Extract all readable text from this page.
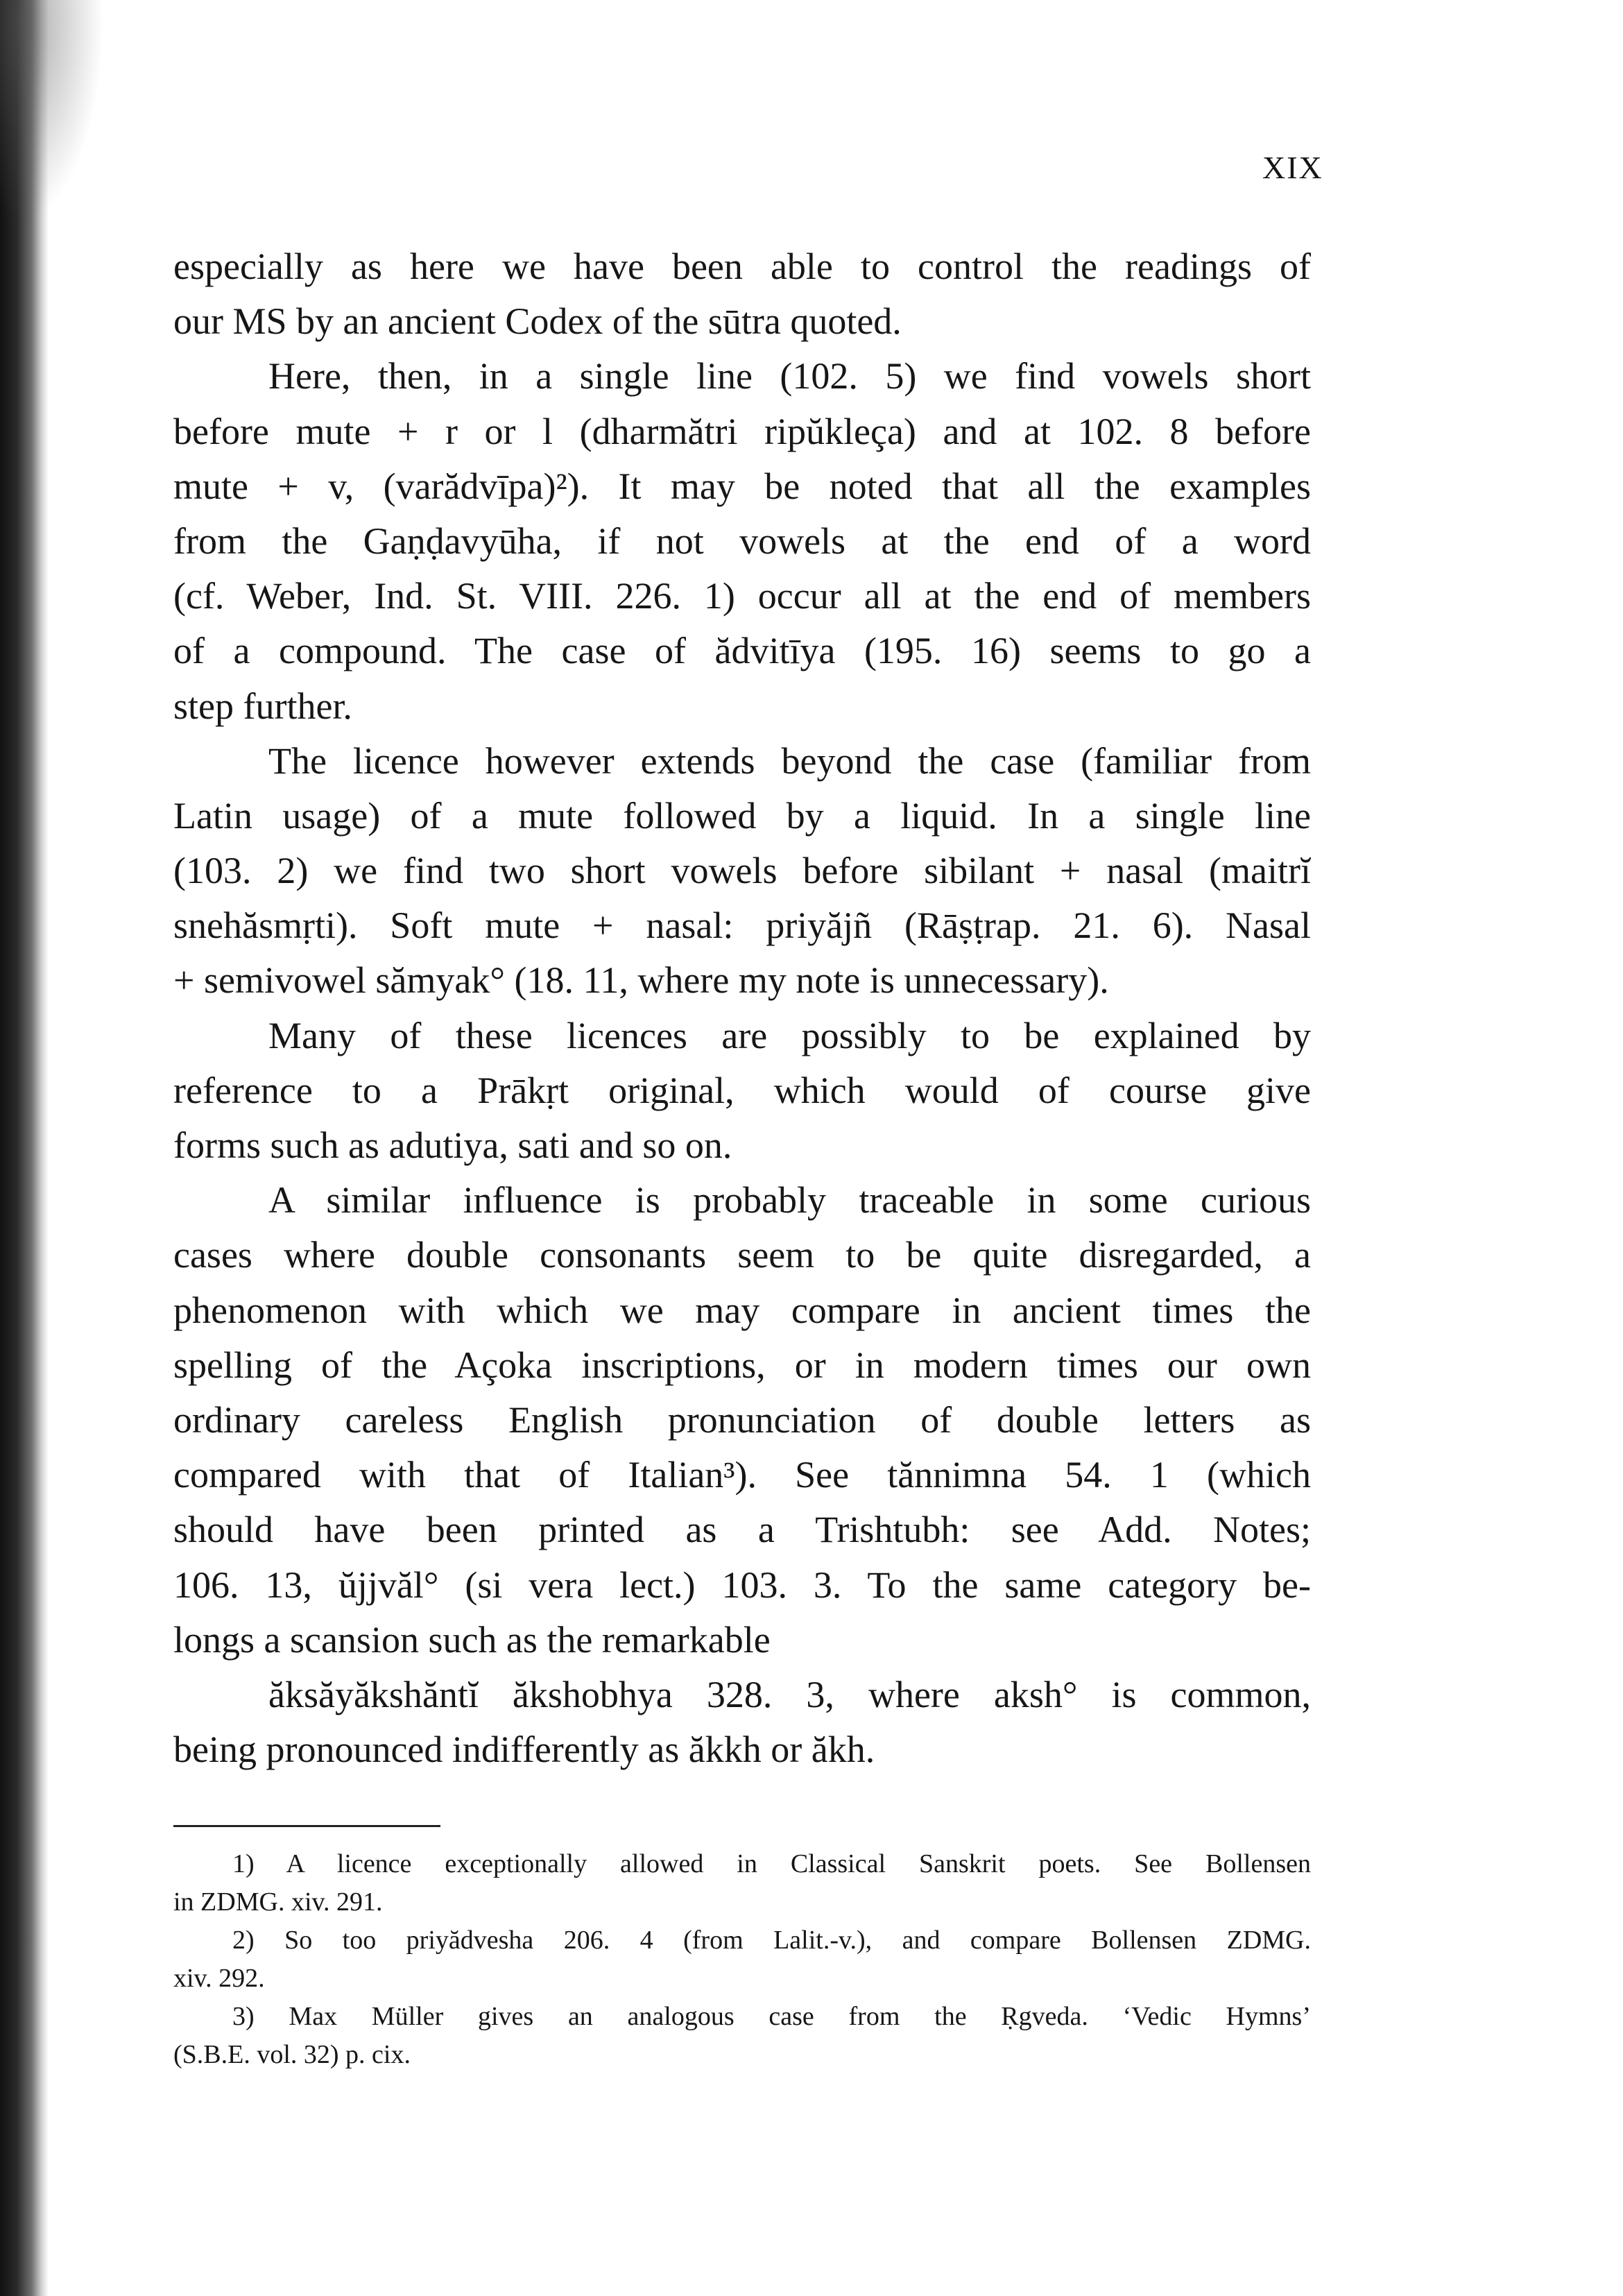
XIX
especially as here we have been able to control the readings of
our MS by an ancient Codex of the sūtra quoted.
Here, then, in a single line (102. 5) we find vowels short
before mute + r or l (dharmătri ripŭkleça) and at 102. 8 before
mute + v, (varădvīpa)²). It may be noted that all the examples
from the Gaṇḍavyūha, if not vowels at the end of a word
(cf. Weber, Ind. St. VIII. 226. 1) occur all at the end of members
of a compound. The case of ădvitīya (195. 16) seems to go a
step further.
The licence however extends beyond the case (familiar from
Latin usage) of a mute followed by a liquid. In a single line
(103. 2) we find two short vowels before sibilant + nasal (maitrĭ
snehăsmṛti). Soft mute + nasal: priyăjñ (Rāṣṭrap. 21. 6). Nasal
+ semivowel sămyak° (18. 11, where my note is unnecessary).
Many of these licences are possibly to be explained by
reference to a Prākṛt original, which would of course give
forms such as adutiya, sati and so on.
A similar influence is probably traceable in some curious
cases where double consonants seem to be quite disregarded, a
phenomenon with which we may compare in ancient times the
spelling of the Açoka inscriptions, or in modern times our own
ordinary careless English pronunciation of double letters as
compared with that of Italian³). See tănnimna 54. 1 (which
should have been printed as a Trishtubh: see Add. Notes;
106. 13, ŭjjvăl° (si vera lect.) 103. 3. To the same category be-
longs a scansion such as the remarkable
ăksăyăkshăntĭ ăkshobhya 328. 3, where aksh° is common,
being pronounced indifferently as ăkkh or ăkh.
1) A licence exceptionally allowed in Classical Sanskrit poets. See Bollensen
in ZDMG. xiv. 291.
2) So too priyădvesha 206. 4 (from Lalit.-v.), and compare Bollensen ZDMG.
xiv. 292.
3) Max Müller gives an analogous case from the Ṛgveda. ‘Vedic Hymns’
(S.B.E. vol. 32) p. cix.
